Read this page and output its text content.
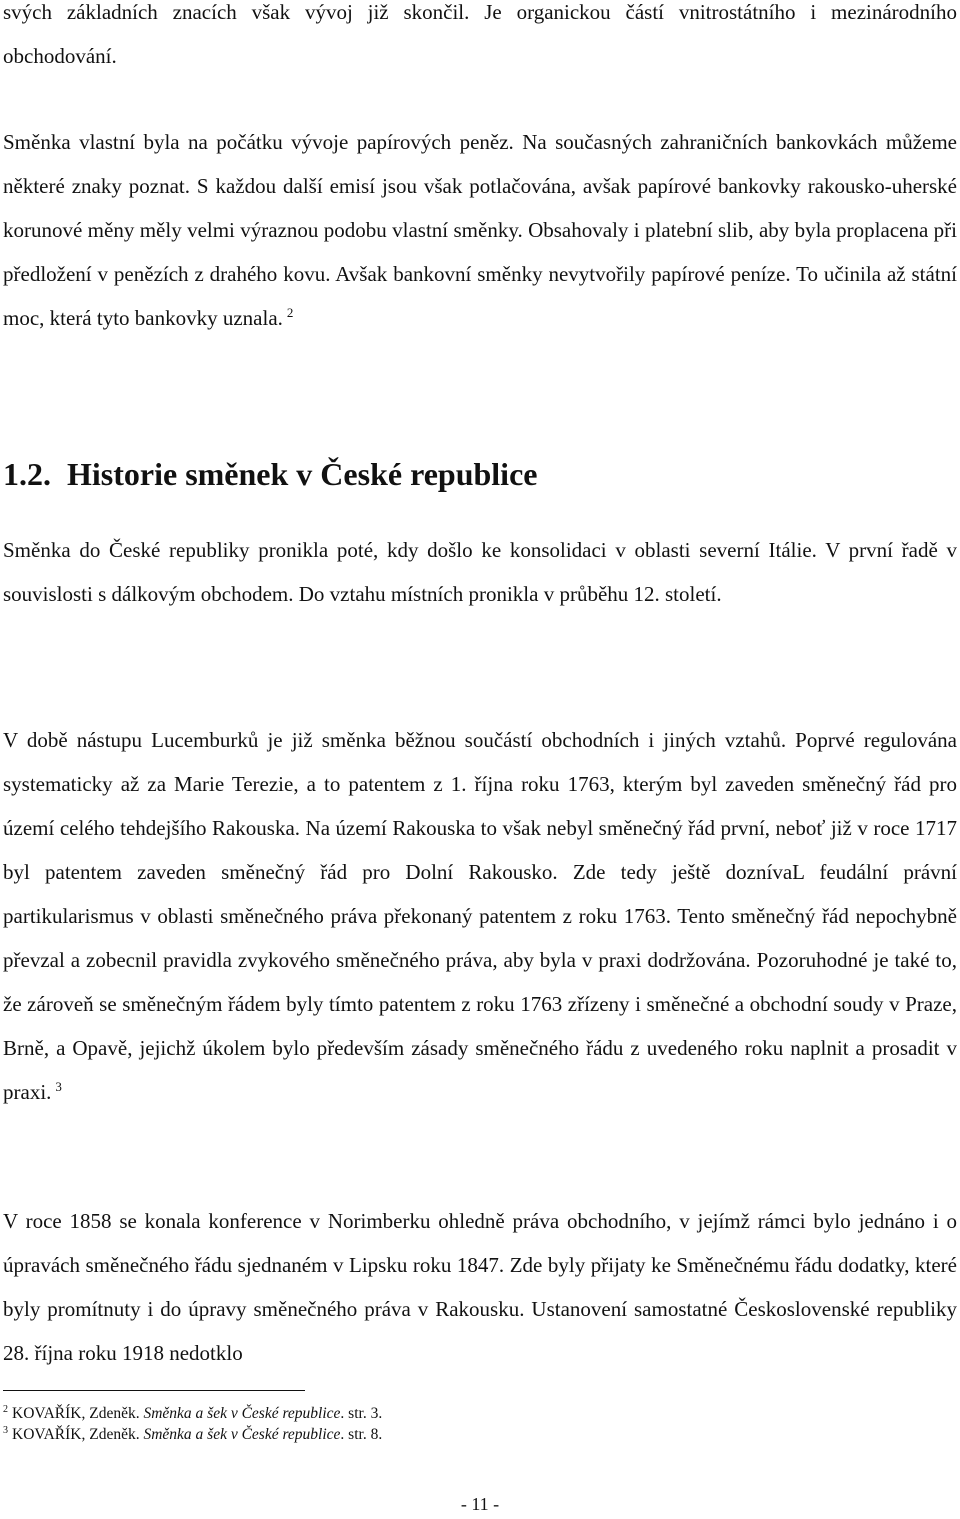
svých základních znacích však vývoj již skončil. Je organickou částí vnitrostátního i mezinárodního obchodování.

Směnka vlastní byla na počátku vývoje papírových peněz. Na současných zahraničních bankovkách můžeme některé znaky poznat. S každou další emisí jsou však potlačována, avšak papírové bankovky rakousko-uherské korunové měny měly velmi výraznou podobu vlastní směnky. Obsahovaly i platební slib, aby byla proplacena při předložení v penězích z drahého kovu. Avšak bankovní směnky nevytvořily papírové peníze. To učinila až státní moc, která tyto bankovky uznala. $^2$

1.2. Historie směnek v České republice

Směnka do České republiky pronikla poté, kdy došlo ke konsolidaci v oblasti severní Itálie. V první řadě v souvislosti s dálkovým obchodem. Do vztahu místních pronikla v průběhu 12. století.

V době nástupu Lucemburků je již směnka běžnou součástí obchodních i jiných vztahů. Poprvé regulována systematicky až za Marie Terezie, a to patentem z 1. října roku 1763, kterým byl zaveden směnečný řád pro území celého tehdejšího Rakouska. Na území Rakouska to však nebyl směnečný řád první, neboť již v roce 1717 byl patentem zaveden směnečný řád pro Dolní Rakousko. Zde tedy ještě doznívaL feudální právní partikularismus v oblasti směnečného práva překonaný patentem z roku 1763. Tento směnečný řád nepochybně převzal a zobecnil pravidla zvykového směnečného práva, aby byla v praxi dodržována. Pozoruhodné je také to, že zároveň se směnečným řádem byly tímto patentem z roku 1763 zřízeny i směnečné a obchodní soudy v Praze, Brně, a Opavě, jejichž úkolem bylo především zásady směnečného řádu z uvedeného roku naplnit a prosadit v praxi. $^3$

V roce 1858 se konala konference v Norimberku ohledně práva obchodního, v jejímž rámci bylo jednáno i o úpravách směnečného řádu sjednaném v Lipsku roku 1847. Zde byly přijaty ke Směnečnému řádu dodatky, které byly promítnuty i do úpravy směnečného práva v Rakousku. Ustanovení samostatné Československé republiky 28. října roku 1918 nedotklo

$^2$ KOVAŘÍK, Zdeněk. Směnka a šek v České republice. str. 3.

$^3$ KOVAŘÍK, Zdeněk. Směnka a šek v České republice. str. 8.

- 11 -
